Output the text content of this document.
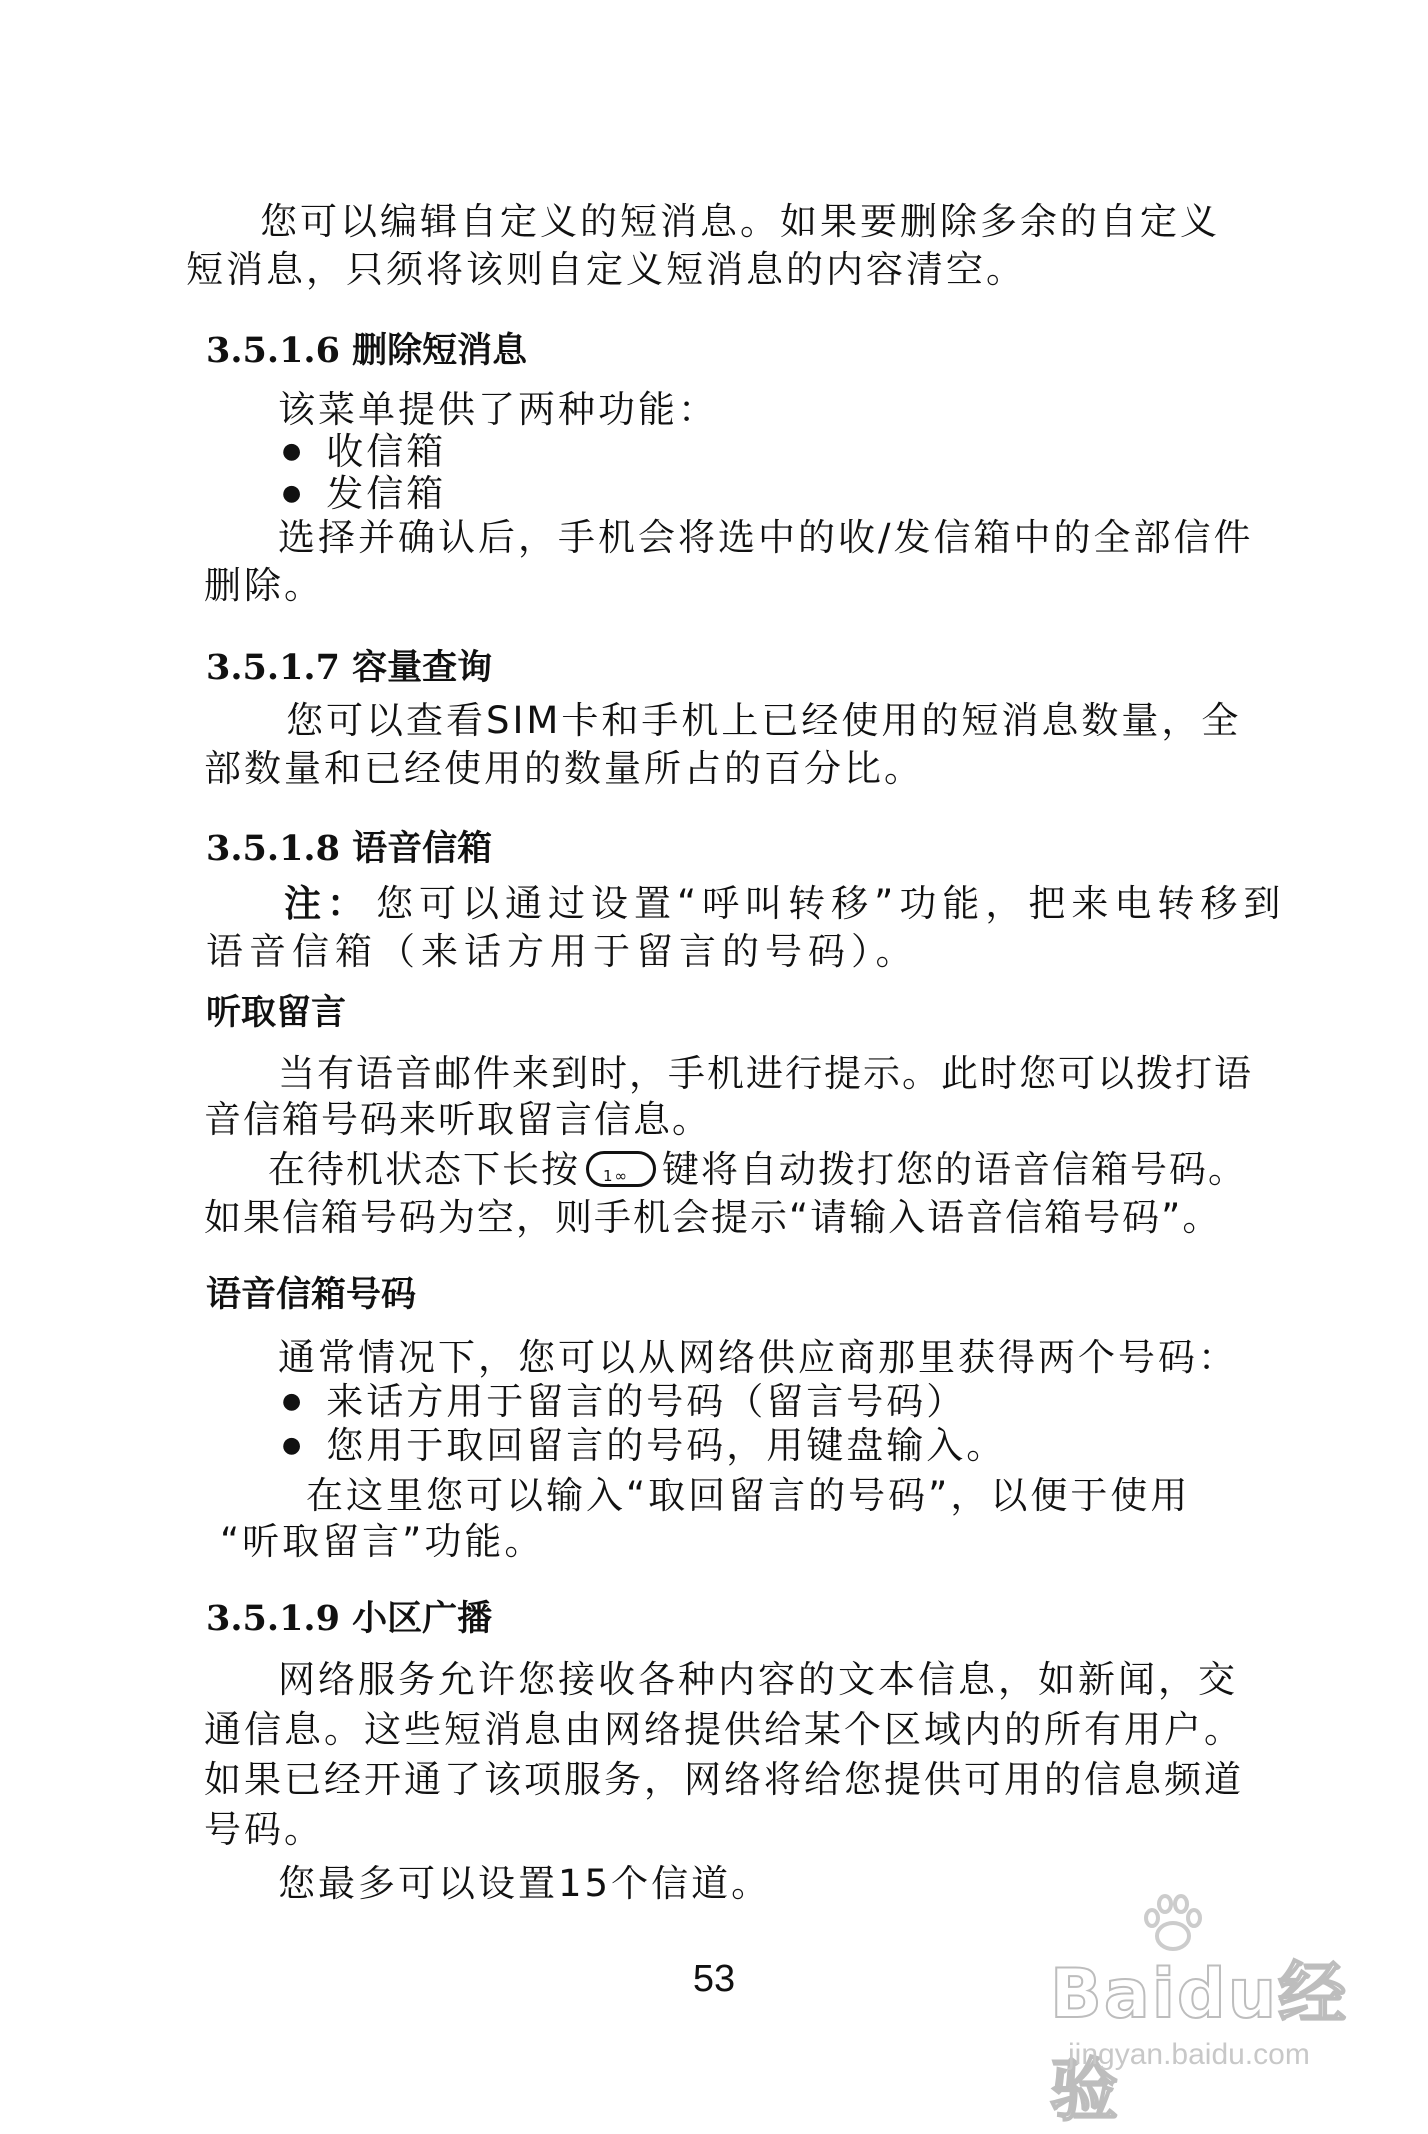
您可以编辑自定义的短消息。如果要删除多余的自定义

短消息，只须将该则自定义短消息的内容清空。

3.5.1.6 删除短消息

该菜单提供了两种功能：

● 收信箱

● 发信箱

选择并确认后，手机会将选中的收/发信箱中的全部信件

删除。

3.5.1.7 容量查询

您可以查看SIM卡和手机上已经使用的短消息数量，全

部数量和已经使用的数量所占的百分比。

3.5.1.8 语音信箱

注： 您可以通过设置“呼叫转移”功能，把来电转移到

语音信箱（来话方用于留言的号码）。

听取留言

当有语音邮件来到时，手机进行提示。此时您可以拨打语

音信箱号码来听取留言信息。

在待机状态下长按 1∞ 键将自动拨打您的语音信箱号码。

如果信箱号码为空，则手机会提示“请输入语音信箱号码”。

语音信箱号码

通常情况下，您可以从网络供应商那里获得两个号码：

● 来话方用于留言的号码（留言号码）

● 您用于取回留言的号码，用键盘输入。

在这里您可以输入“取回留言的号码”，以便于使用

“听取留言”功能。

3.5.1.9 小区广播

网络服务允许您接收各种内容的文本信息，如新闻，交

通信息。这些短消息由网络提供给某个区域内的所有用户。

如果已经开通了该项服务，网络将给您提供可用的信息频道

号码。

您最多可以设置15个信道。

53	Baidu经验
jingyan.baidu.com
